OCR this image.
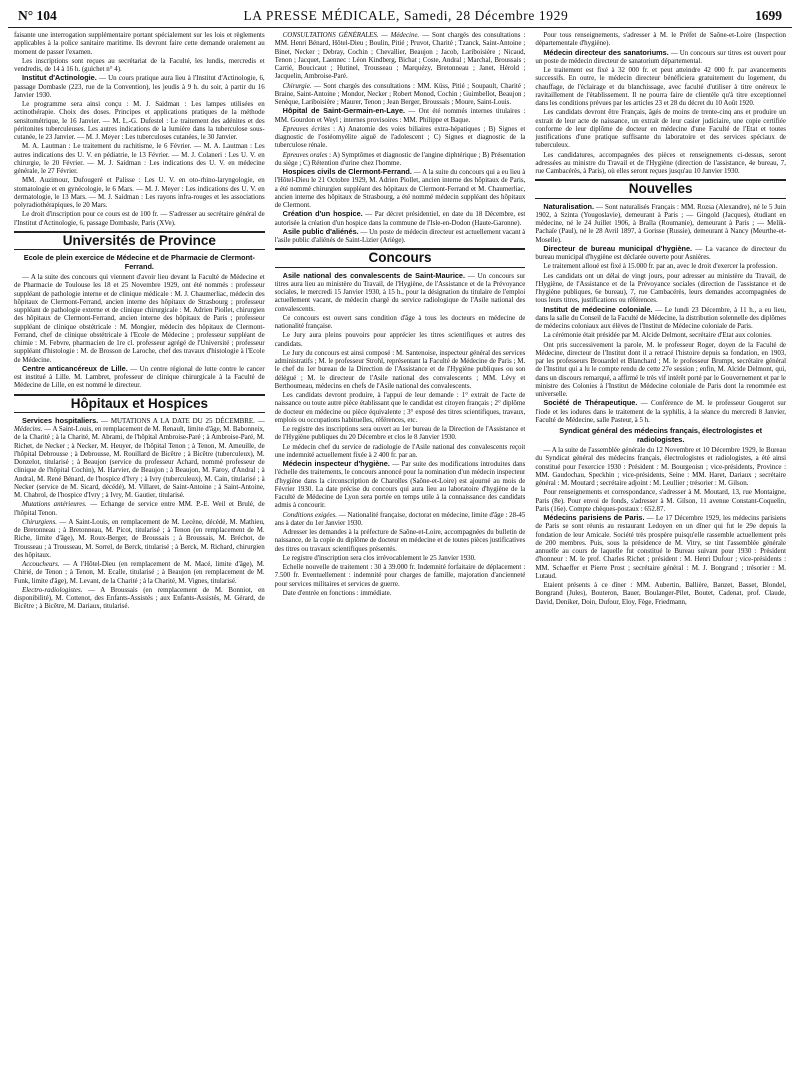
N° 104	LA PRESSE MÉDICALE, Samedi, 28 Décembre 1929	1699

faisante une interrogation supplémentaire portant spécialement sur les lois et règlements applicables à la police sanitaire maritime. Ils devront faire cette demande oralement au moment de passer l'examen.

Les inscriptions sont reçues au secrétariat de la Faculté, les lundis, mercredis et vendredis, de 14 à 16 h. (guichet n° 4).

Institut d'Actinologie. — Un cours pratique aura lieu à l'Institut d'Actinologie, 6, passage Dombasle (223, rue de la Convention), les jeudis à 9 h. du soir, à partir du 16 Janvier 1930.

Le programme sera ainsi conçu : M. J. Saidman : Les lampes utilisées en actinothérapie. Choix des doses. Principes et applications pratiques de la méthode sensitométrique, le 16 Janvier. — M. L.-G. Dufestel : Le traitement des adénites et des péritonites tuberculeuses. Les autres indications de la lumière dans la tuberculose sous-cutanée, le 23 Janvier. — M. J. Meyer : Les tuberculoses cutanées, le 30 Janvier.

M. A. Lautman : Le traitement du rachitisme, le 6 Février. — M. A. Lautman : Les autres indications des U. V. en pédiatrie, le 13 Février. — M. J. Colaneri : Les U. V. en chirurgie, le 20 Février. — M. J. Saidman : Les indications des U. V. en médecine générale, le 27 Février.

MM. Auzimour, Dufougeré et Palisse : Les U. V. en oto-rhino-laryngologie, en stomatologie et en gynécologie, le 6 Mars. — M. J. Meyer : Les indications des U. V. en dermatologie, le 13 Mars. — M. J. Saidman : Les rayons infra-rouges et les associations polyradiothérapiques, le 20 Mars.

Le droit d'inscription pour ce cours est de 100 fr. — S'adresser au secrétaire général de l'Institut d'Actinologie, 6, passage Dombasle, Paris (XVe).

Universités de Province
Ecole de plein exercice de Médecine et de Pharmacie de Clermont-Ferrand.

— A la suite des concours qui viennent d'avoir lieu devant la Faculté de Médecine et de Pharmacie de Toulouse les 18 et 25 Novembre 1929, ont été nommés : professeur suppléant de pathologie interne et de clinique médicale : M. J. Chaumerliac, médecin des hôpitaux de Clermont-Ferrand, ancien interne des hôpitaux de Strasbourg ; professeur suppléant de pathologie externe et de clinique chirurgicale : M. Adrien Piollet, chirurgien des hôpitaux de Clermont-Ferrand, ancien interne des hôpitaux de Paris ; professeur suppléant de clinique obstétricale : M. Mongier, médecin des hôpitaux de Clermont-Ferrand, chef de clinique obstétricale à l'Ecole de Médecine ; professeur suppléant de chimie : M. Febvre, pharmacien de 1re cl. professeur agrégé de l'Université ; professeur suppléant d'histologie : M. de Brosson de Laroche, chef des travaux d'histologie à l'Ecole de Médecine.

Centre anticancéreux de Lille. — Un centre régional de lutte contre le cancer est institué à Lille. M. Lambret, professeur de clinique chirurgicale à la Faculté de Médecine de Lille, en est nommé le directeur.

Hôpitaux et Hospices

Services hospitaliers. — MUTATIONS A LA DATE DU 25 DÉCEMBRE. — Médecins. — A Saint-Louis, en remplacement de M. Renault, limite d'âge, M. Babonneix, de la Charité ; à la Charité, M. Abrami, de l'hôpital Ambroise-Paré ; à Ambroise-Paré, M. Richet, de Necker ; à Necker, M. Heuyer, de l'hôpital Tenon ; à Tenon, M. Ameuille, de l'hôpital Debrousse ; à Debrousse, M. Rouillard de Bicêtre ; à Bicêtre (tuberculeux), M. Donzelot, titularisé ; à Beaujon (service du professeur Achard, nommé professeur de clinique de l'hôpital Cochin), M. Harvier, de Beaujon ; à Beaujon, M. Faroy, d'Andral ; à Andral, M. René Bénard, de l'hospice d'Ivry ; à Ivry (tuberculeux), M. Cain, titularisé ; à Necker (service de M. Sicard, décédé), M. Villaret, de Saint-Antoine ; à Saint-Antoine, M. Chabrol, de l'hospice d'Ivry ; à Ivry, M. Gautier, titularisé.

Mutations antérieures. — Echange de service entre MM. P.-E. Weil et Brulé, de l'hôpital Tenon.

Chirurgiens. — A Saint-Louis, en remplacement de M. Lecène, décédé, M. Mathieu, de Bretonneau ; à Bretonneau, M. Picot, titularisé ; à Tenon (en remplacement de M. Riche, limite d'âge), M. Roux-Berger, de Broussais ; à Broussais, M. Bréchot, de Trousseau ; à Trousseau, M. Sorrel, de Berck, titularisé ; à Berck, M. Richard, chirurgien des hôpitaux.

Accoucheurs. — A l'Hôtel-Dieu (en remplacement de M. Macé, limite d'âge), M. Chirié, de Tenon ; à Tenon, M. Ecalle, titularisé ; à Beaujon (en remplacement de M. Funk, limite d'âge), M. Levant, de la Charité ; à la Charité, M. Vignes, titularisé.

Electro-radiologistes. — A Broussais (en remplacement de M. Bonniot, en disponibilité), M. Cottenot, des Enfants-Assistés ; aux Enfants-Assistés, M. Gérard, de Bicêtre ; à Bicêtre, M. Dariaux, titularisé.

CONSULTATIONS GÉNÉRALES. — Médecine. — Sont chargés des consultations : MM. Henri Bénard, Hôtel-Dieu ; Boulin, Pitié ; Pruvot, Charité ; Tzanck, Saint-Antoine ; Binet, Necker ; Debray, Cochin ; Chevallier, Beaujon ; Jacob, Lariboisière ; Nicaud, Tenon ; Jacquet, Laennec : Léon Kindberg, Bichat ; Coste, Andral ; Marchal, Broussais ; Carrié, Boucicaut ; Hutinel, Trousseau ; Marquézy, Bretonneau ; Janet, Hérold ; Jacquelin, Ambroise-Paré.

Chirurgie. — Sont chargés des consultations : MM. Küss, Pitié ; Soupault, Charité ; Braine, Saint-Antoine ; Mondor, Necker ; Robert Monod, Cochin ; Guimbellot, Beaujon ; Senèque, Lariboisière ; Maurer, Tenon ; Jean Berger, Broussais ; Moure, Saint-Louis.

Hôpital de Saint-Germain-en-Laye. — Ont été nommés internes titulaires : MM. Gourdon et Weyl ; internes provisoires : MM. Philippe et Baque.

Epreuves écrites : A) Anatomie des voies biliaires extra-hépatiques ; B) Signes et diagnostic de l'ostéomyélite aiguë de l'adolescent ; C) Signes et diagnostic de la tuberculose rénale.

Epreuves orales : A) Symptômes et diagnostic de l'angine diphtérique ; B) Présentation du siège ; C) Rétention d'urine chez l'homme.

Hospices civils de Clermont-Ferrand. — A la suite du concours qui a eu lieu à l'Hôtel-Dieu le 21 Octobre 1929, M. Adrien Piollet, ancien interne des hôpitaux de Paris, a été nommé chirurgien suppléant des hôpitaux de Clermont-Ferrand et M. Chaumerliac, ancien interne des hôpitaux de Strasbourg, a été nommé médecin suppléant des hôpitaux de Clermont.

Création d'un hospice. — Par décret présidentiel, en date du 18 Décembre, est autorisée la création d'un hospice dans la commune de l'Isle-en-Dodon (Haute-Garonne).

Asile public d'aliénés. — Un poste de médecin directeur est actuellement vacant à l'asile public d'aliénés de Saint-Lizier (Ariège).

Concours

Asile national des convalescents de Saint-Maurice. — Un concours sur titres aura lieu au ministère du Travail, de l'Hygiène, de l'Assistance et de la Prévoyance sociales, le mercredi 15 Janvier 1930, à 15 h., pour la désignation du titulaire de l'emploi actuellement vacant, de médecin chargé du service radiologique de l'Asile national des convalescents.

Ce concours est ouvert sans condition d'âge à tous les docteurs en médecine de nationalité française.

Le Jury aura pleins pouvoirs pour apprécier les titres scientifiques et autres des candidats.

Le Jury du concours est ainsi composé : M. Santenoise, inspecteur général des services administratifs ; M. le professeur Strohl, représentant la Faculté de Médecine de Paris ; M. le chef du 1er bureau de la Direction de l'Assistance et de l'Hygiène publiques ou son délégué ; M. le directeur de l'Asile national des convalescents ; MM. Lévy et Berthoumeau, médecins en chefs de l'Asile national des convalescents.

Les candidats devront produire, à l'appui de leur demande : 1° extrait de l'acte de naissance ou toute autre pièce établissant que le candidat est citoyen français ; 2° diplôme de docteur en médecine ou pièce équivalente ; 3° exposé des titres scientifiques, travaux, emplois ou occupations habituelles, références, etc.

Le registre des inscriptions sera ouvert au 1er bureau de la Direction de l'Assistance et de l'Hygiène publiques du 20 Décembre et clos le 8 Janvier 1930.

Le médecin chef du service de radiologie de l'Asile national des convalescents reçoit une indemnité actuellement fixée à 2 400 fr. par an.

Médecin inspecteur d'hygiène. — Par suite des modifications introduites dans l'échelle des traitements, le concours annoncé pour la nomination d'un médecin inspecteur d'hygiène dans la circonscription de Charolles (Saône-et-Loire) est ajourné au mois de Février 1930. La date précise du concours qui aura lieu au laboratoire d'hygiène de la Faculté de Médecine de Lyon sera portée en temps utile à la connaissance des candidats admis à concourir.

Conditions exigées. — Nationalité française, doctorat en médecine, limite d'âge : 28-45 ans à dater du 1er Janvier 1930.

Adresser les demandes à la préfecture de Saône-et-Loire, accompagnées du bulletin de naissance, de la copie du diplôme de docteur en médecine et de toutes pièces justificatives des titres ou travaux scientifiques présentés.

Le registre d'inscription sera clos irrévocablement le 25 Janvier 1930.

Echelle nouvelle de traitement : 30 à 39.000 fr. Indemnité forfaitaire de déplacement : 7.500 fr. Eventuellement : indemnité pour charges de famille, majoration d'ancienneté pour services militaires et services de guerre.

Date d'entrée en fonctions : immédiate.

Pour tous renseignements, s'adresser à M. le Préfet de Saône-et-Loire (Inspection départementale d'hygiène).

Médecin directeur des sanatoriums. — Un concours sur titres est ouvert pour un poste de médecin directeur de sanatorium départemental.

Le traitement est fixé à 32 000 fr. et peut atteindre 42 000 fr. par avancements successifs. En outre, le médecin directeur bénéficiera gratuitement du logement, du chauffage, de l'éclairage et du blanchissage, avec faculté d'utiliser à titre onéreux le ravitaillement de l'établissement. Il ne pourra faire de clientèle qu'à titre exceptionnel dans les conditions prévues par les articles 23 et 28 du décret du 10 Août 1920.

Les candidats devront être Français, âgés de moins de trente-cinq ans et produire un extrait de leur acte de naissance, un extrait de leur casier judiciaire, une copie certifiée conforme de leur diplôme de docteur en médecine d'une Faculté de l'Etat et toutes justifications d'une pratique suffisante du laboratoire et des services spéciaux de tuberculeux.

Les candidatures, accompagnées des pièces et renseignements ci-dessus, seront adressées au ministre du Travail et de l'Hygiène (direction de l'assistance, 4e bureau, 7, rue Cambacérès, à Paris), où elles seront reçues jusqu'au 10 Janvier 1930.

Nouvelles

Naturalisation. — Sont naturalisés Français : MM. Rozsa (Alexandre), né le 5 Juin 1902, à Szinta (Yougoslavie), demeurant à Paris ; — Gingold (Jacques), étudiant en médecine, né le 24 Juillet 1906, à Braïla (Roumanie), demeurant à Paris ; — Melik-Pachaïe (Paul), né le 28 Avril 1897, à Gorisse (Russie), demeurant à Nancy (Meurthe-et-Moselle).

Directeur de bureau municipal d'hygiène. — La vacance de directeur du bureau municipal d'hygiène est déclarée ouverte pour Asnières.

Le traitement alloué est fixé à 15.000 fr. par an, avec le droit d'exercer la profession.

Les candidats ont un délai de vingt jours, pour adresser au ministère du Travail, de l'Hygiène, de l'Assistance et de la Prévoyance sociales (direction de l'assistance et de l'hygiène publiques, 6e bureau), 7, rue Cambacérès, leurs demandes accompagnées de tous leurs titres, justifications ou références.

Institut de médecine coloniale. — Le lundi 23 Décembre, à 11 h., a eu lieu, dans la salle du Conseil de la Faculté de Médecine, la distribution solennelle des diplômes de médecins coloniaux aux élèves de l'Institut de Médecine coloniale de Paris.

La cérémonie était présidée par M. Alcide Delmont, secrétaire d'Etat aux colonies.

Ont pris successivement la parole, M. le professeur Roger, doyen de la Faculté de Médecine, directeur de l'Institut dont il a retracé l'histoire depuis sa fondation, en 1903, par les professeurs Brouardel et Blanchard ; M. le professeur Brumpt, secrétaire général de l'Institut qui a lu le compte rendu de cette 27e session ; enfin, M. Alcide Delmont, qui, dans un discours remarqué, a affirmé le très vif intérêt porté par le Gouvernement et par le ministre des Colonies à l'Institut de Médecine coloniale de Paris dont la renommée est universelle.

Société de Thérapeutique. — Conférence de M. le professeur Gougerot sur l'iode et les iodures dans le traitement de la syphilis, à la séance du mercredi 8 Janvier, Faculté de Médecine, salle Pasteur, à 5 h.

Syndicat général des médecins français, électrologistes et radiologistes.

— A la suite de l'assemblée générale du 12 Novembre et 10 Décembre 1929, le Bureau du Syndicat général des médecins français, électrologistes et radiologistes, a été ainsi constitué pour l'exercice 1930 : Président : M. Bourgeoisn ; vice-présidents, Province : MM. Gaudochau, Speckhin ; vice-présidents, Seine : MM. Haret, Dariaux ; secrétaire général : M. Moutard ; secrétaire adjoint : M. Leullier ; trésorier : M. Gilson.

Pour renseignements et correspondance, s'adresser à M. Moutard, 13, rue Montaigne, Paris (8e). Pour envoi de fonds, s'adresser à M. Gilson, 11 avenue Constant-Coquelin, Paris (16e). Compte chèques-postaux : 652.87.

Médecins parisiens de Paris. — Le 17 Décembre 1929, les médecins parisiens de Paris se sont réunis au restaurant Ledoyen en un dîner qui fut le 29e depuis la fondation de leur Amicale. Société très prospère puisqu'elle rassemble actuellement près de 200 membres. Puis, sous la présidence de M. Vitry, se tint l'assemblée générale annuelle au cours de laquelle fut constitué le Bureau suivant pour 1930 : Président d'honneur : M. le prof. Charles Richet ; président : M. Henri Dufour ; vice-présidents : MM. Schaeffer et Pierre Prost ; secrétaire général : M. J. Bongrand ; trésorier : M. Lutaud.

Etaient présents à ce dîner : MM. Aubertin, Ballière, Banzet, Basset, Blondel, Bongrand (Jules), Bouteron, Bauer, Boulanger-Pilet, Boutet, Cadenat, prof. Claude, David, Deniker, Doin, Dufour, Eloy, Fège, Friedmann,
